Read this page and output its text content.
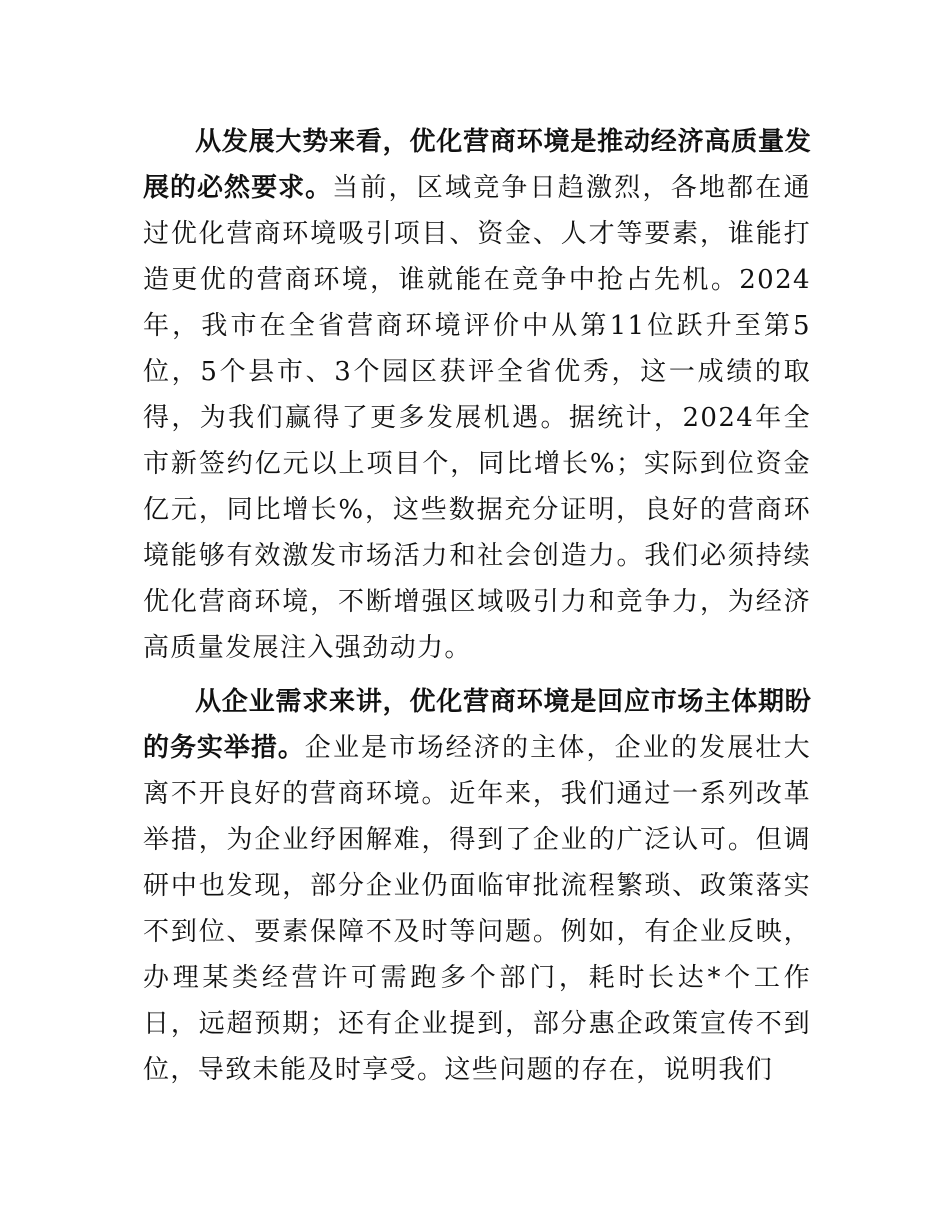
从发展大势来看，优化营商环境是推动经济高质量发展的必然要求。当前，区域竞争日趋激烈，各地都在通过优化营商环境吸引项目、资金、人才等要素，谁能打造更优的营商环境，谁就能在竞争中抢占先机。2024年，我市在全省营商环境评价中从第11位跃升至第5位，5个县市、3个园区获评全省优秀，这一成绩的取得，为我们赢得了更多发展机遇。据统计，2024年全市新签约亿元以上项目个，同比增长%；实际到位资金亿元，同比增长%，这些数据充分证明，良好的营商环境能够有效激发市场活力和社会创造力。我们必须持续优化营商环境，不断增强区域吸引力和竞争力，为经济高质量发展注入强劲动力。

从企业需求来讲，优化营商环境是回应市场主体期盼的务实举措。企业是市场经济的主体，企业的发展壮大离不开良好的营商环境。近年来，我们通过一系列改革举措，为企业纾困解难，得到了企业的广泛认可。但调研中也发现，部分企业仍面临审批流程繁琐、政策落实不到位、要素保障不及时等问题。例如，有企业反映，办理某类经营许可需跑多个部门，耗时长达*个工作日，远超预期；还有企业提到，部分惠企政策宣传不到位，导致未能及时享受。这些问题的存在，说明我们
